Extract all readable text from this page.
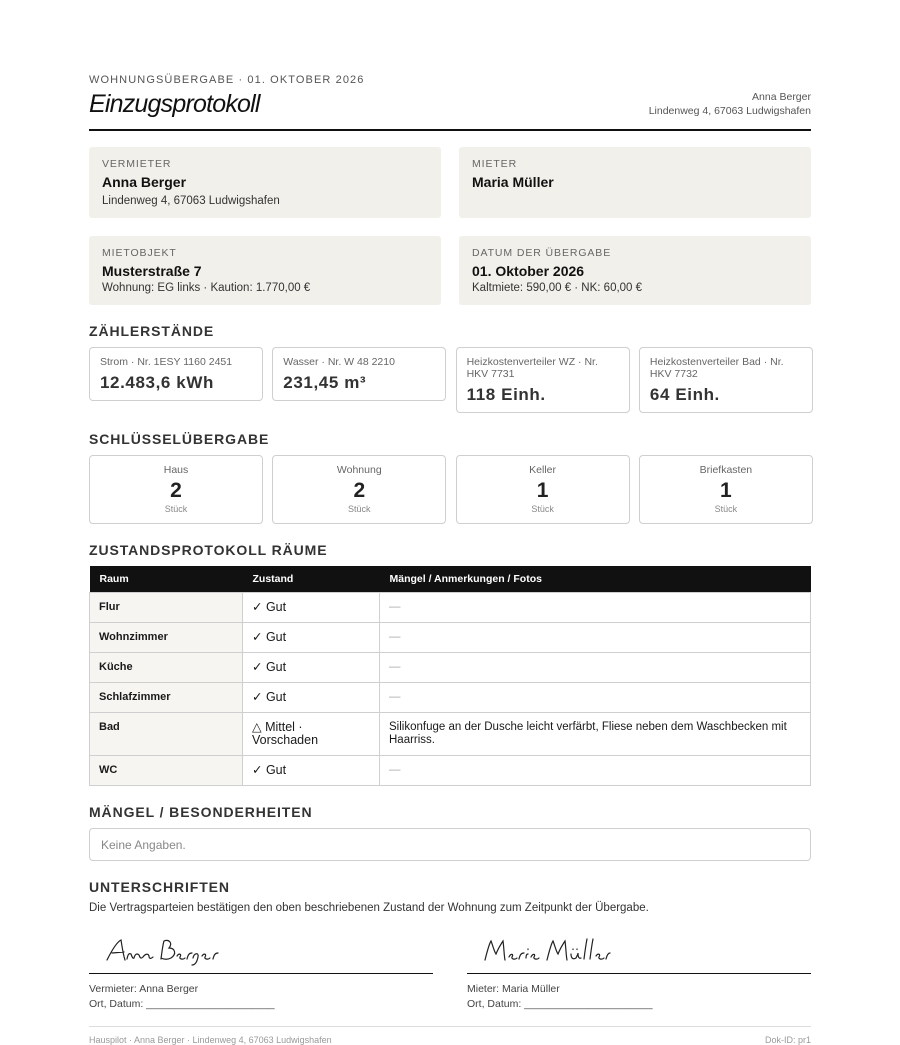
WOHNUNGSÜBERGABE · 01. OKTOBER 2026
Einzugsprotokoll	Anna Berger
Lindenweg 4, 67063 Ludwigshafen
VERMIETER
Anna Berger
Lindenweg 4, 67063 Ludwigshafen
MIETER
Maria Müller
MIETOBJEKT
Musterstraße 7
Wohnung: EG links · Kaution: 1.770,00 €
DATUM DER ÜBERGABE
01. Oktober 2026
Kaltmiete: 590,00 € · NK: 60,00 €
ZÄHLERSTÄNDE
Strom · Nr. 1ESY 1160 2451
12.483,6 kWh
Wasser · Nr. W 48 2210
231,45 m³
Heizkostenverteiler WZ · Nr. HKV 7731
118 Einh.
Heizkostenverteiler Bad · Nr. HKV 7732
64 Einh.
SCHLÜSSELÜBERGABE
Haus
2
Stück
Wohnung
2
Stück
Keller
1
Stück
Briefkasten
1
Stück
ZUSTANDSPROTOKOLL RÄUME
Raum	Zustand	Mängel / Anmerkungen / Fotos
Flur	✓ Gut	—
Wohnzimmer	✓ Gut	—
Küche	✓ Gut	—
Schlafzimmer	✓ Gut	—
Bad	△ Mittel · Vorschaden	Silikonfuge an der Dusche leicht verfärbt, Fliese neben dem Waschbecken mit Haarriss.
WC	✓ Gut	—
MÄNGEL / BESONDERHEITEN
Keine Angaben.
UNTERSCHRIFTEN
Die Vertragsparteien bestätigen den oben beschriebenen Zustand der Wohnung zum Zeitpunkt der Übergabe.
Vermieter: Anna Berger
Ort, Datum: ______________________
Mieter: Maria Müller
Ort, Datum: ______________________
Hauspilot · Anna Berger · Lindenweg 4, 67063 Ludwigshafen	Dok-ID: pr1
